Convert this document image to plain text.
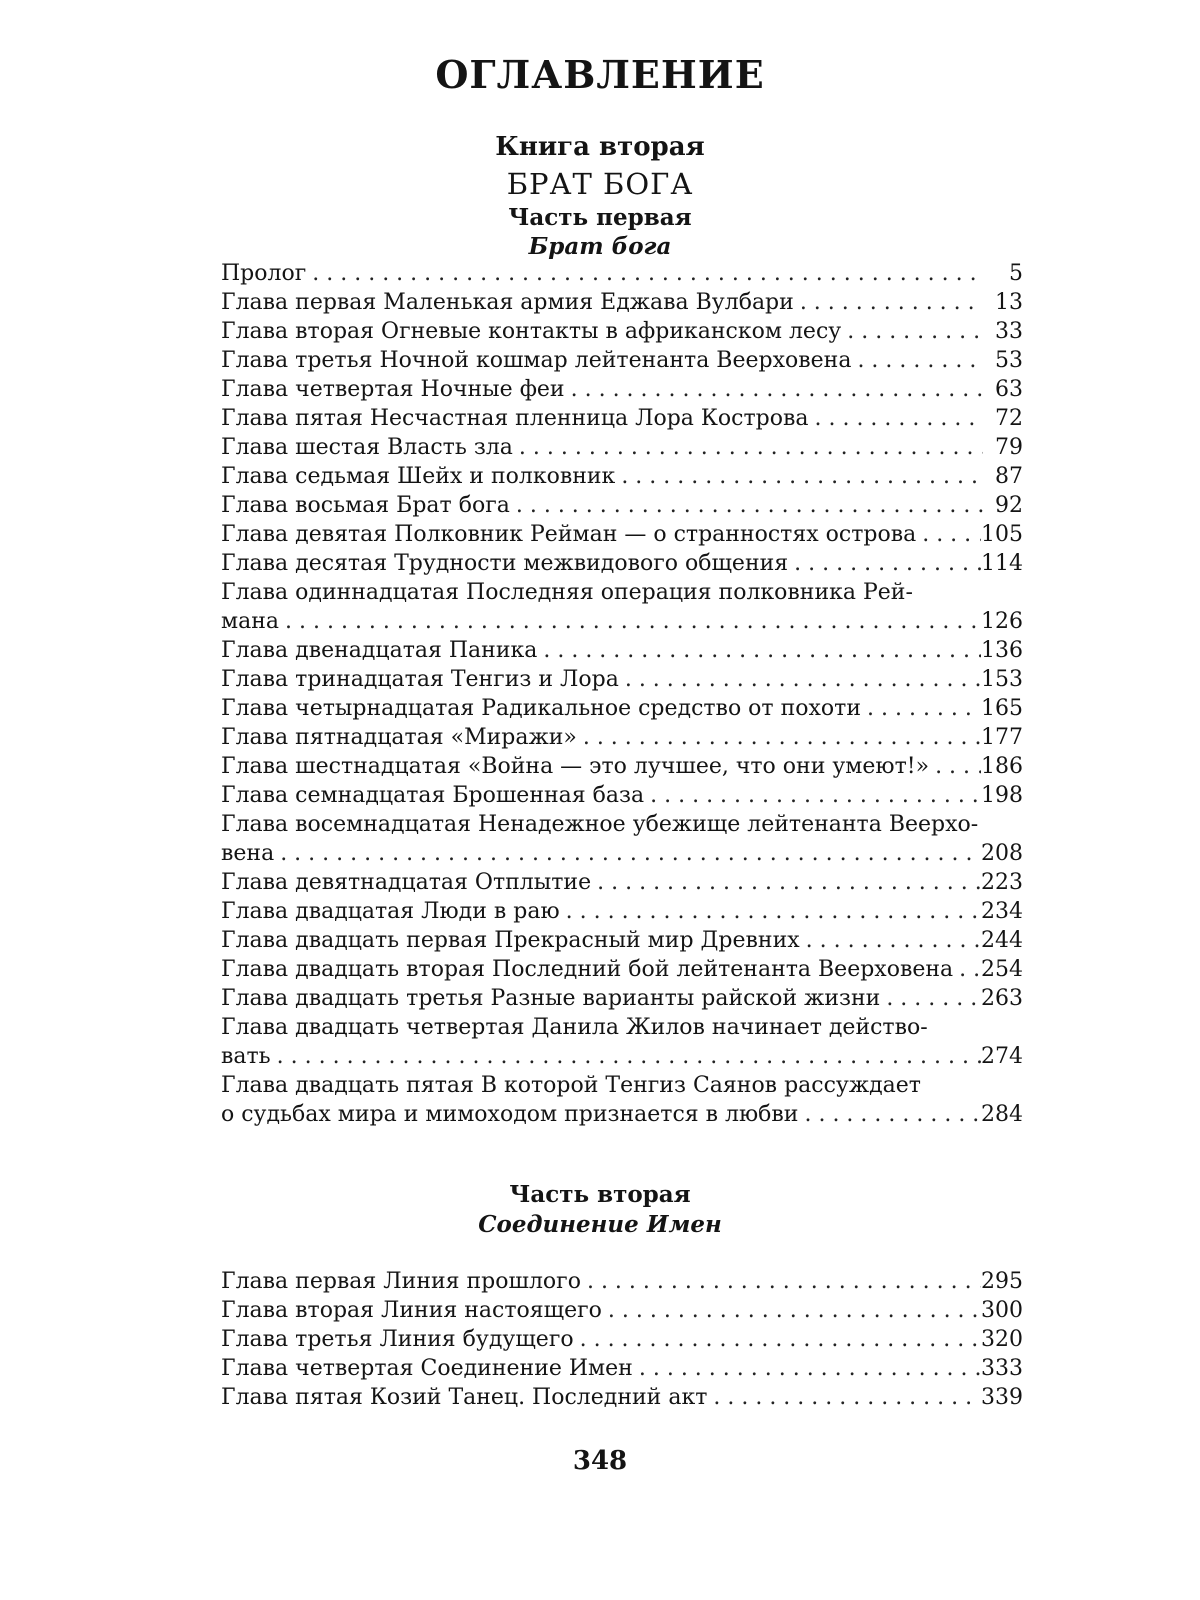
ОГЛАВЛЕНИЕ
Книга вторая
БРАТ БОГА
Часть первая
Брат бога
Пролог . . .	5
Глава первая Маленькая армия Еджава Вулбари . . .	13
Глава вторая Огневые контакты в африканском лесу . . .	33
Глава третья Ночной кошмар лейтенанта Веерховена . . .	53
Глава четвертая Ночные феи . . .	63
Глава пятая Несчастная пленница Лора Кострова . . .	72
Глава шестая Власть зла . . .	79
Глава седьмая Шейх и полковник . . .	87
Глава восьмая Брат бога . . .	92
Глава девятая Полковник Рейман — о странностях острова . . .	105
Глава десятая Трудности межвидового общения . . .	114
Глава одиннадцатая Последняя операция полковника Рей-
мана . . .	126
Глава двенадцатая Паника . . .	136
Глава тринадцатая Тенгиз и Лора . . .	153
Глава четырнадцатая Радикальное средство от похоти . . .	165
Глава пятнадцатая «Миражи» . . .	177
Глава шестнадцатая «Война — это лучшее, что они умеют!» . . . 186
Глава семнадцатая Брошенная база . . .	198
Глава восемнадцатая Ненадежное убежище лейтенанта Веерхо-
вена . . .	208
Глава девятнадцатая Отплытие . . .	223
Глава двадцатая Люди в раю . . .	234
Глава двадцать первая Прекрасный мир Древних . . .	244
Глава двадцать вторая Последний бой лейтенанта Веерховена . . . 254
Глава двадцать третья Разные варианты райской жизни . . .	263
Глава двадцать четвертая Данила Жилов начинает действо-
вать . . .	274
Глава двадцать пятая В которой Тенгиз Саянов рассуждает
о судьбах мира и мимоходом признается в любви . . .	284
Часть вторая
Соединение Имен
Глава первая Линия прошлого . . .	295
Глава вторая Линия настоящего . . .	300
Глава третья Линия будущего . . .	320
Глава четвертая Соединение Имен . . .	333
Глава пятая Козий Танец. Последний акт . . .	339
348
